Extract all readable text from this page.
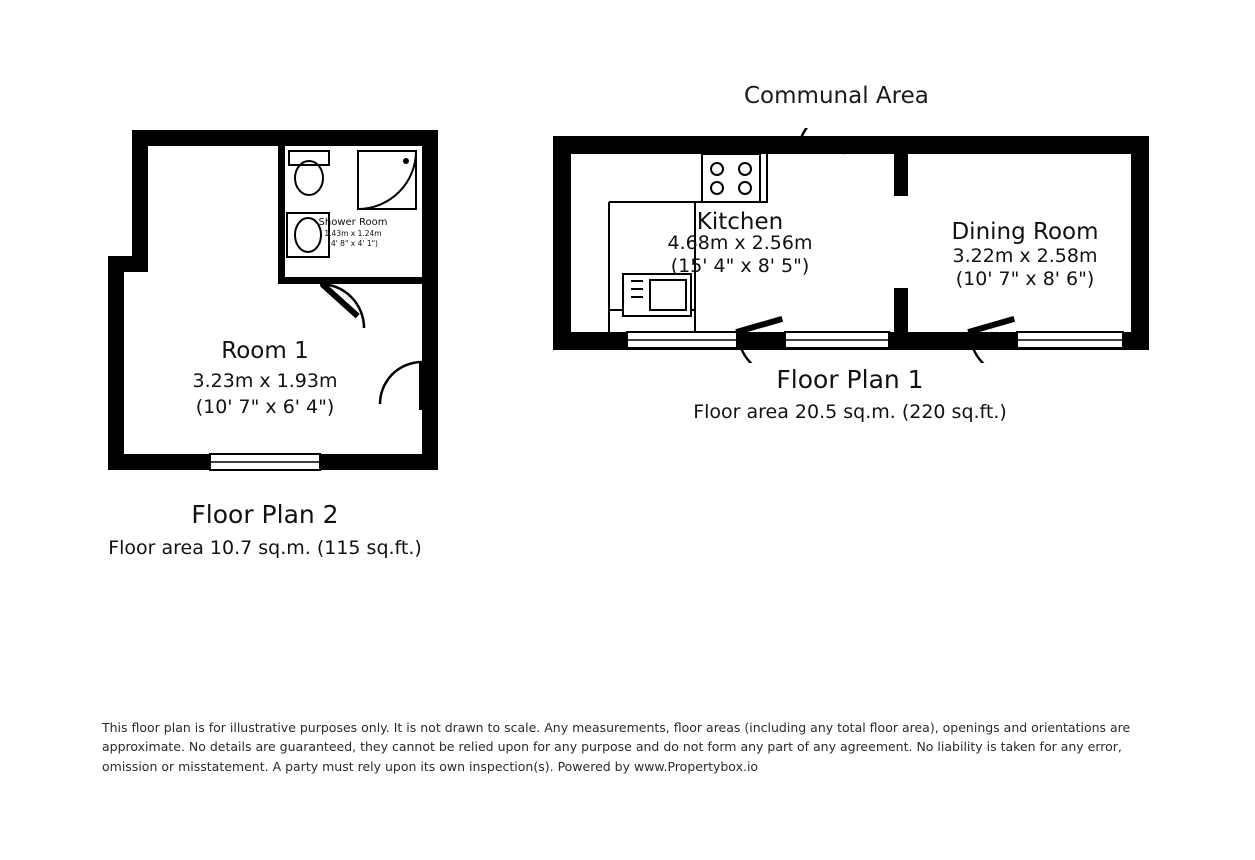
Communal Area
Shower Room
1.43m x 1.24m
(4' 8" x 4' 1")
Room 1
3.23m x 1.93m
(10' 7" x 6' 4")
Floor Plan 2
Floor area 10.7 sq.m. (115 sq.ft.)
Kitchen
4.68m x 2.56m
(15' 4" x 8' 5")
Dining Room
3.22m x 2.58m
(10' 7" x 8' 6")
Floor Plan 1
Floor area 20.5 sq.m. (220 sq.ft.)
This floor plan is for illustrative purposes only. It is not drawn to scale. Any measurements, floor areas (including any total floor area), openings and orientations are approximate. No details are guaranteed, they cannot be relied upon for any purpose and do not form any part of any agreement. No liability is taken for any error, omission or misstatement. A party must rely upon its own inspection(s). Powered by www.Propertybox.io
